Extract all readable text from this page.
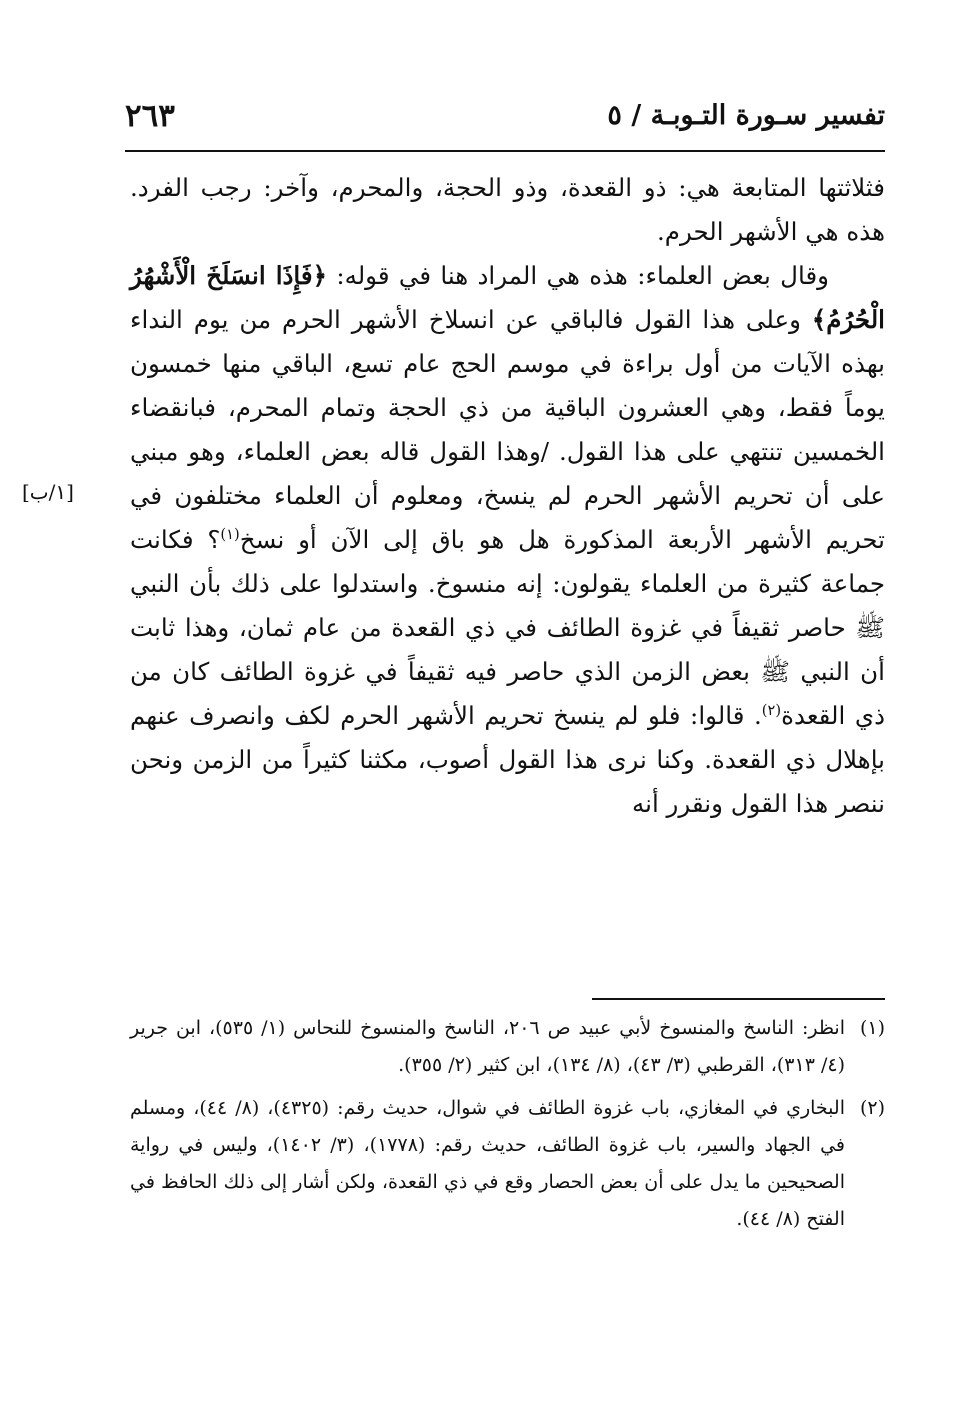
تفسير سـورة التـوبـة / ٥
٢٦٣

فثلاثتها المتابعة هي: ذو القعدة، وذو الحجة، والمحرم، وآخر: رجب الفرد. هذه هي الأشهر الحرم.

وقال بعض العلماء: هذه هي المراد هنا في قوله: ﴿فَإِذَا انسَلَخَ الْأَشْهُرُ الْحُرُمُ﴾ وعلى هذا القول فالباقي عن انسلاخ الأشهر الحرم من يوم النداء بهذه الآيات من أول براءة في موسم الحج عام تسع، الباقي منها خمسون يوماً فقط، وهي العشرون الباقية من ذي الحجة وتمام المحرم، فبانقضاء الخمسين تنتهي على هذا القول. /وهذا القول قاله بعض العلماء، وهو مبني على أن تحريم الأشهر الحرم لم ينسخ، ومعلوم أن العلماء مختلفون في تحريم الأشهر الأربعة المذكورة هل هو باق إلى الآن أو نسخ$^{(١)}$؟ فكانت جماعة كثيرة من العلماء يقولون: إنه منسوخ. واستدلوا على ذلك بأن النبي ﷺ حاصر ثقيفاً في غزوة الطائف في ذي القعدة من عام ثمان، وهذا ثابت أن النبي ﷺ بعض الزمن الذي حاصر فيه ثقيفاً في غزوة الطائف كان من ذي القعدة$^{(٢)}$. قالوا: فلو لم ينسخ تحريم الأشهر الحرم لكف وانصرف عنهم بإهلال ذي القعدة. وكنا نرى هذا القول أصوب، مكثنا كثيراً من الزمن ونحن ننصر هذا القول ونقرر أنه

[١/ب]
(١)
انظر: الناسخ والمنسوخ لأبي عبيد ص ٢٠٦، الناسخ والمنسوخ للنحاس (١/ ٥٣٥)، ابن جرير (٤/ ٣١٣)، القرطبي (٣/ ٤٣)، (٨/ ١٣٤)، ابن كثير (٢/ ٣٥٥).
(٢)
البخاري في المغازي، باب غزوة الطائف في شوال، حديث رقم: (٤٣٢٥)، (٨/ ٤٤)، ومسلم في الجهاد والسير، باب غزوة الطائف، حديث رقم: (١٧٧٨)، (٣/ ١٤٠٢)، وليس في رواية الصحيحين ما يدل على أن بعض الحصار وقع في ذي القعدة، ولكن أشار إلى ذلك الحافظ في الفتح (٨/ ٤٤).
